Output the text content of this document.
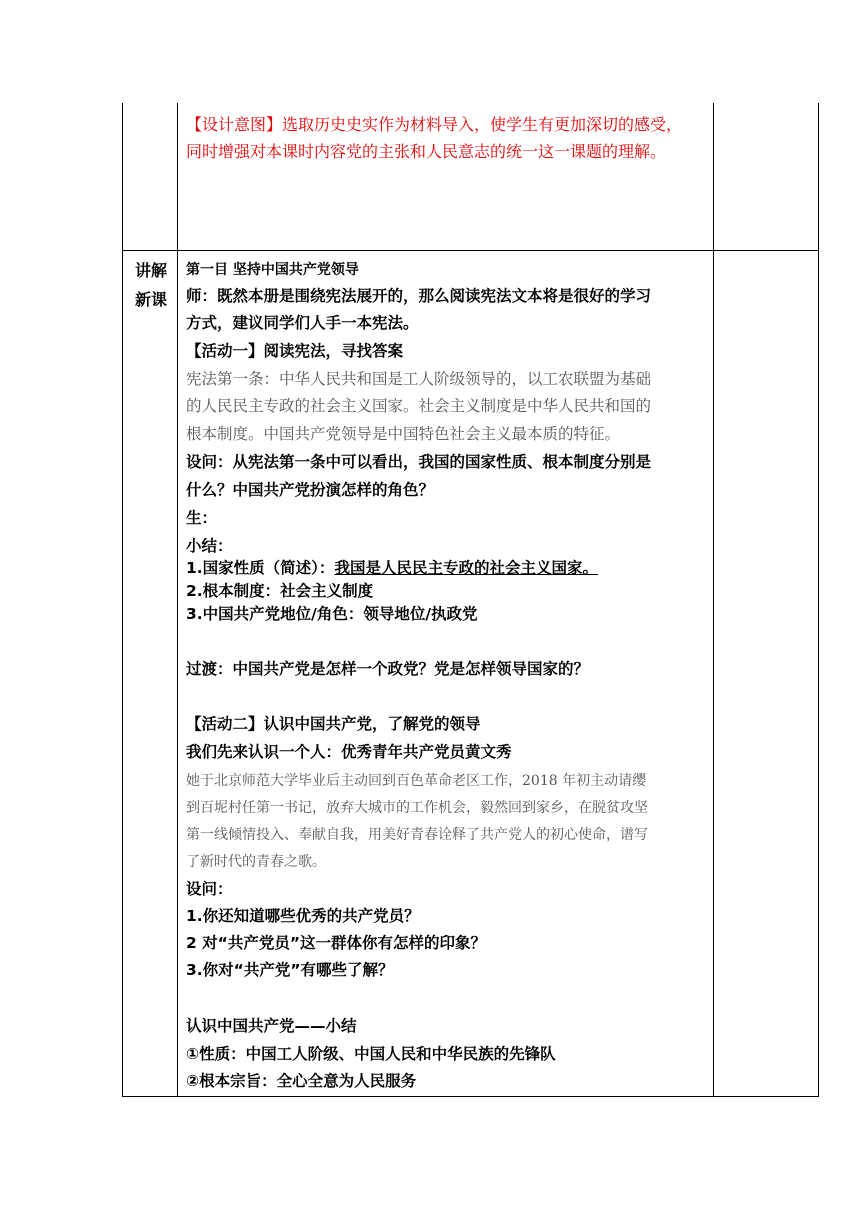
【设计意图】选取历史史实作为材料导入，使学生有更加深切的感受，
同时增强对本课时内容党的主张和人民意志的统一这一课题的理解。
讲解
新课
第一目 坚持中国共产党领导
师：既然本册是围绕宪法展开的，那么阅读宪法文本将是很好的学习
方式，建议同学们人手一本宪法。
【活动一】阅读宪法，寻找答案
宪法第一条：中华人民共和国是工人阶级领导的，以工农联盟为基础
的人民民主专政的社会主义国家。社会主义制度是中华人民共和国的
根本制度。中国共产党领导是中国特色社会主义最本质的特征。
设问：从宪法第一条中可以看出，我国的国家性质、根本制度分别是
什么？中国共产党扮演怎样的角色？
生：
小结：
1.国家性质（简述）：我国是人民民主专政的社会主义国家。
2.根本制度：社会主义制度
3.中国共产党地位/角色：领导地位/执政党
过渡：中国共产党是怎样一个政党？党是怎样领导国家的？
【活动二】认识中国共产党，了解党的领导
我们先来认识一个人：优秀青年共产党员黄文秀
她于北京师范大学毕业后主动回到百色革命老区工作，2018 年初主动请缨
到百坭村任第一书记，放弃大城市的工作机会，毅然回到家乡，在脱贫攻坚
第一线倾情投入、奉献自我，用美好青春诠释了共产党人的初心使命，谱写
了新时代的青春之歌。
设问：
1.你还知道哪些优秀的共产党员？
2 对“共产党员”这一群体你有怎样的印象？
3.你对“共产党”有哪些了解？
认识中国共产党——小结
①性质：中国工人阶级、中国人民和中华民族的先锋队
②根本宗旨：全心全意为人民服务
